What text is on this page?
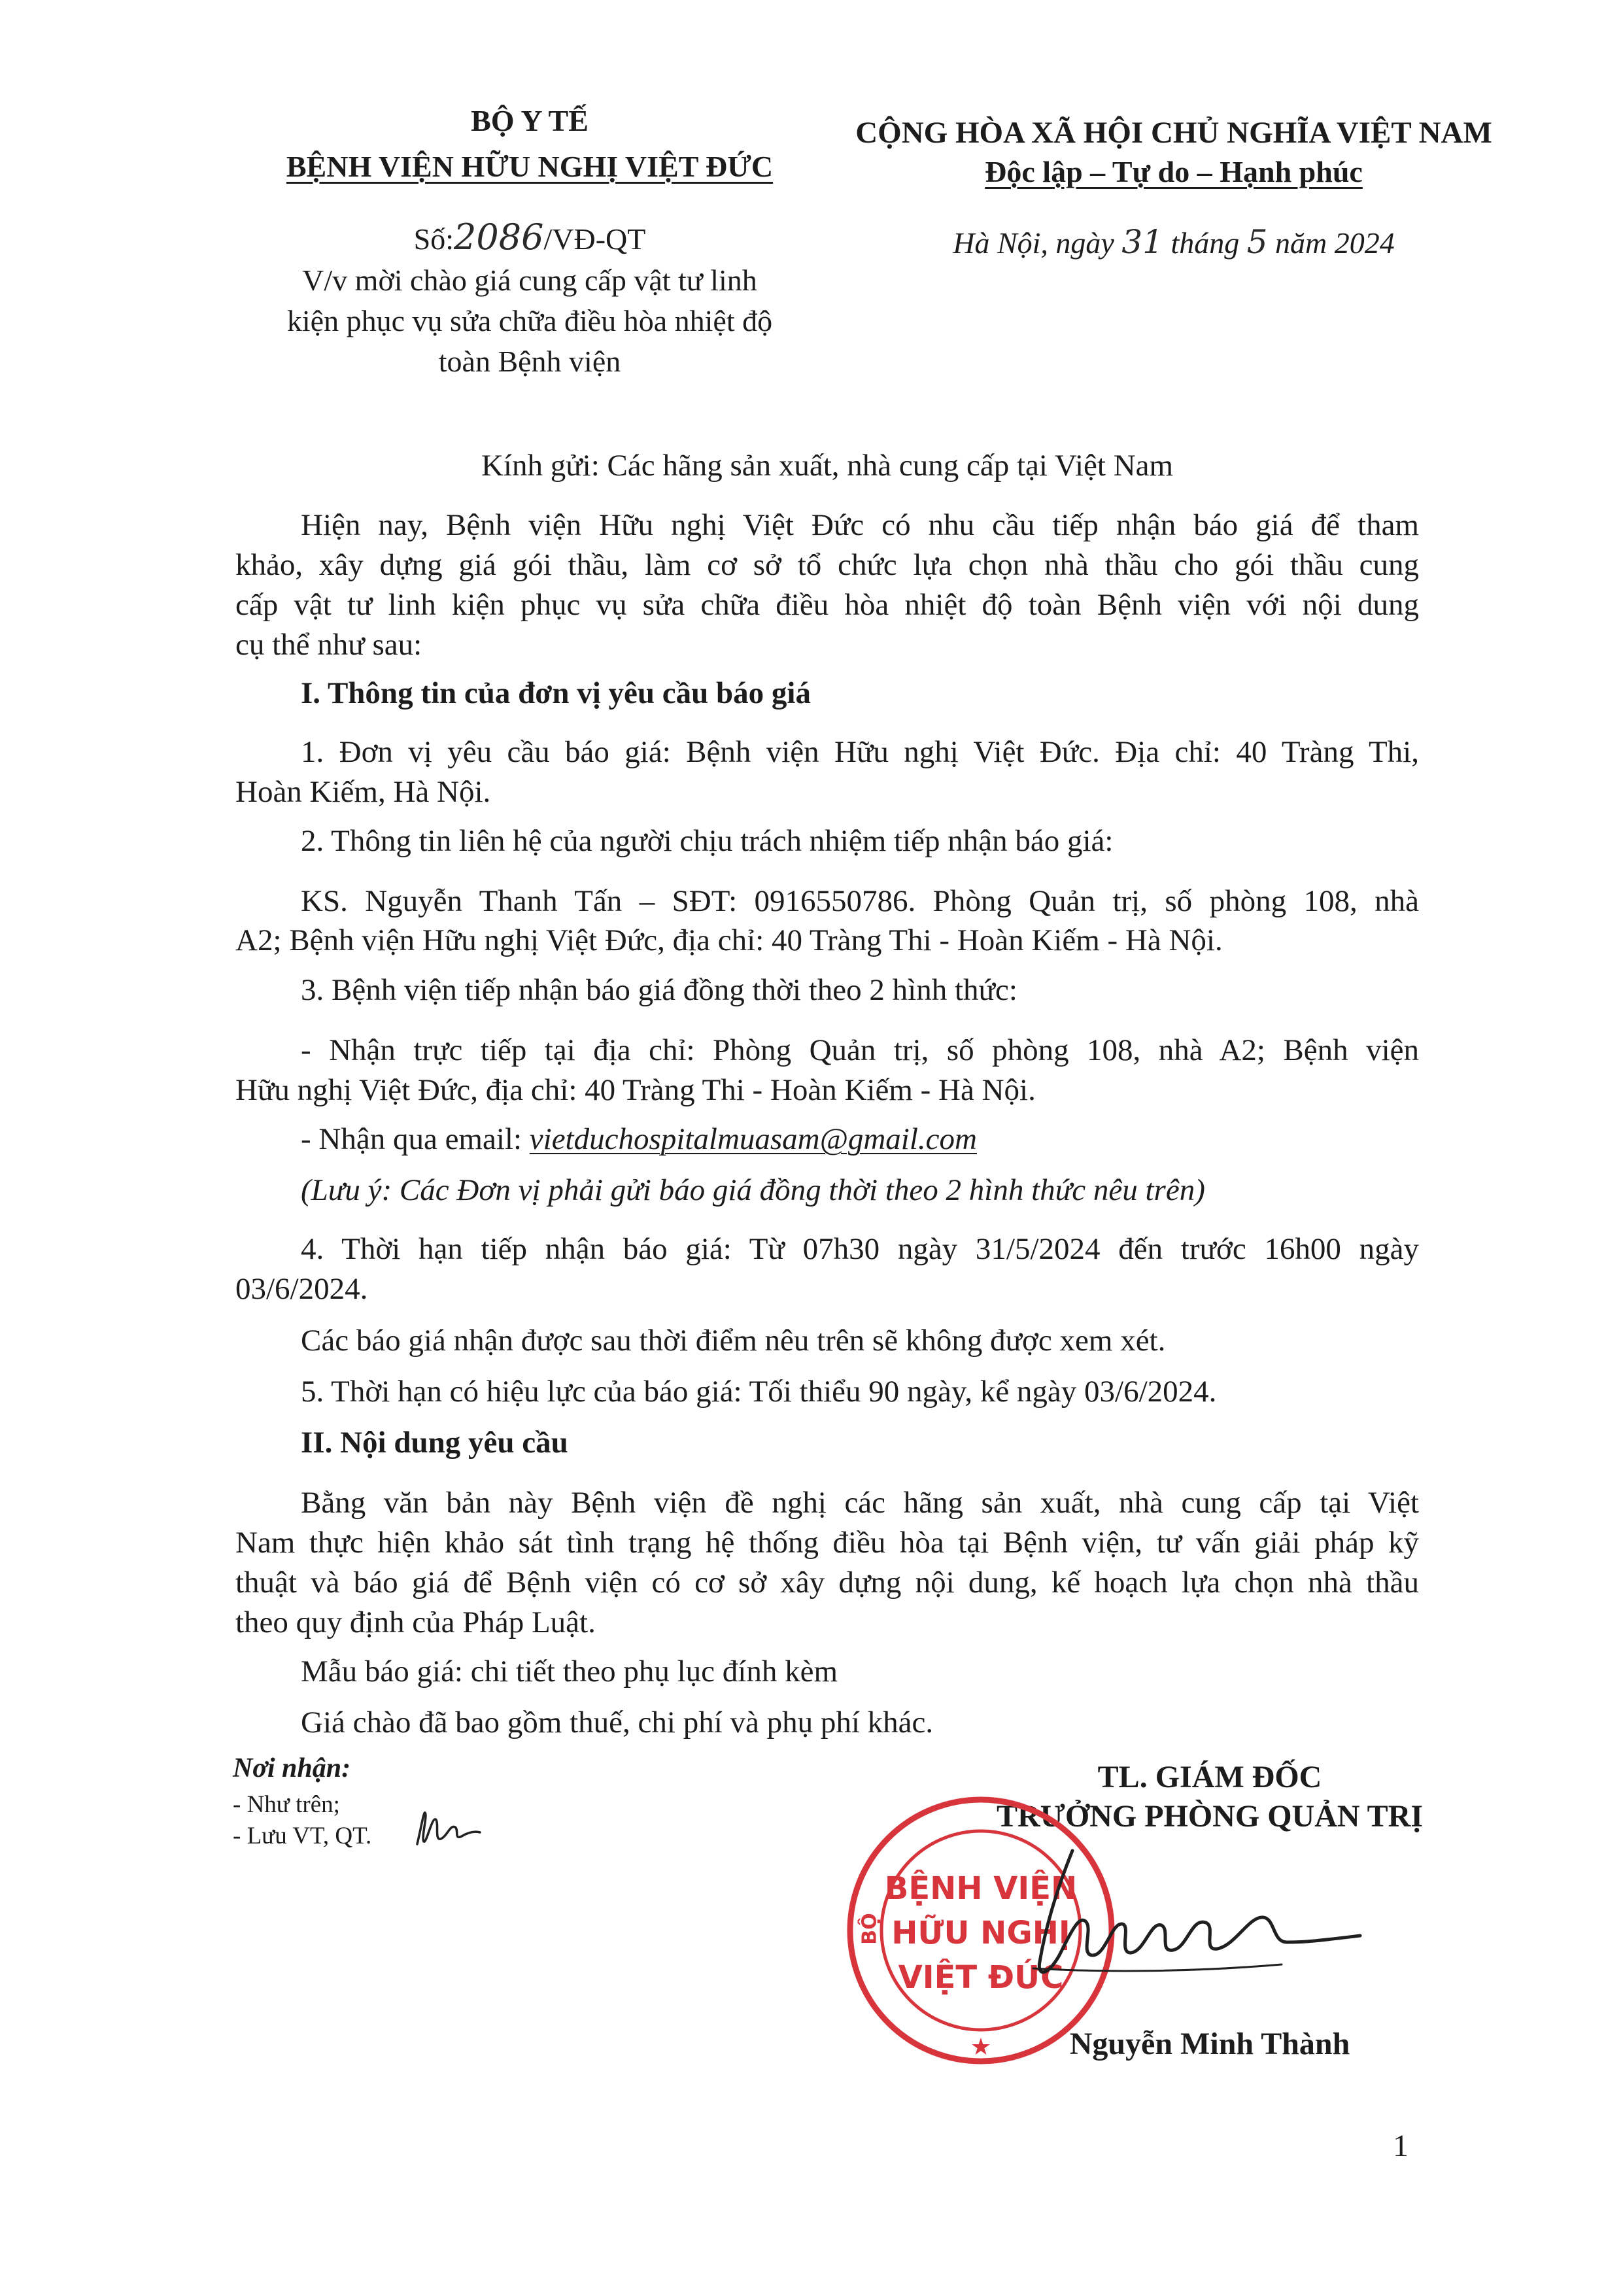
BỘ Y TẾ
BỆNH VIỆN HỮU NGHỊ VIỆT ĐỨC
Số:2086/VĐ-QT
V/v mời chào giá cung cấp vật tư linh
kiện phục vụ sửa chữa điều hòa nhiệt độ
toàn Bệnh viện
CỘNG HÒA XÃ HỘI CHỦ NGHĨA VIỆT NAM
Độc lập – Tự do – Hạnh phúc
Hà Nội, ngày 31 tháng 5 năm 2024
Kính gửi: Các hãng sản xuất, nhà cung cấp tại Việt Nam
Hiện nay, Bệnh viện Hữu nghị Việt Đức có nhu cầu tiếp nhận báo giá để tham
khảo, xây dựng giá gói thầu, làm cơ sở tổ chức lựa chọn nhà thầu cho gói thầu cung
cấp vật tư linh kiện phục vụ sửa chữa điều hòa nhiệt độ toàn Bệnh viện với nội dung
cụ thể như sau:
I. Thông tin của đơn vị yêu cầu báo giá
1. Đơn vị yêu cầu báo giá: Bệnh viện Hữu nghị Việt Đức. Địa chỉ: 40 Tràng Thi,
Hoàn Kiếm, Hà Nội.
2. Thông tin liên hệ của người chịu trách nhiệm tiếp nhận báo giá:
KS. Nguyễn Thanh Tấn – SĐT: 0916550786. Phòng Quản trị, số phòng 108, nhà
A2; Bệnh viện Hữu nghị Việt Đức, địa chỉ: 40 Tràng Thi - Hoàn Kiếm - Hà Nội.
3. Bệnh viện tiếp nhận báo giá đồng thời theo 2 hình thức:
- Nhận trực tiếp tại địa chỉ: Phòng Quản trị, số phòng 108, nhà A2; Bệnh viện
Hữu nghị Việt Đức, địa chỉ: 40 Tràng Thi - Hoàn Kiếm - Hà Nội.
- Nhận qua email: vietduchospitalmuasam@gmail.com
(Lưu ý: Các Đơn vị phải gửi báo giá đồng thời theo 2 hình thức nêu trên)
4. Thời hạn tiếp nhận báo giá: Từ 07h30 ngày 31/5/2024 đến trước 16h00 ngày
03/6/2024.
Các báo giá nhận được sau thời điểm nêu trên sẽ không được xem xét.
5. Thời hạn có hiệu lực của báo giá: Tối thiểu 90 ngày, kể ngày 03/6/2024.
II. Nội dung yêu cầu
Bằng văn bản này Bệnh viện đề nghị các hãng sản xuất, nhà cung cấp tại Việt
Nam thực hiện khảo sát tình trạng hệ thống điều hòa tại Bệnh viện, tư vấn giải pháp kỹ
thuật và báo giá để Bệnh viện có cơ sở xây dựng nội dung, kế hoạch lựa chọn nhà thầu
theo quy định của Pháp Luật.
Mẫu báo giá: chi tiết theo phụ lục đính kèm
Giá chào đã bao gồm thuế, chi phí và phụ phí khác.
Nơi nhận:
- Như trên;
- Lưu VT, QT.
TL. GIÁM ĐỐC
TRƯỞNG PHÒNG QUẢN TRỊ
★
BỆNH VIỆN
HỮU NGHỊ
VIỆT ĐỨC
BỘ
Nguyễn Minh Thành
1
